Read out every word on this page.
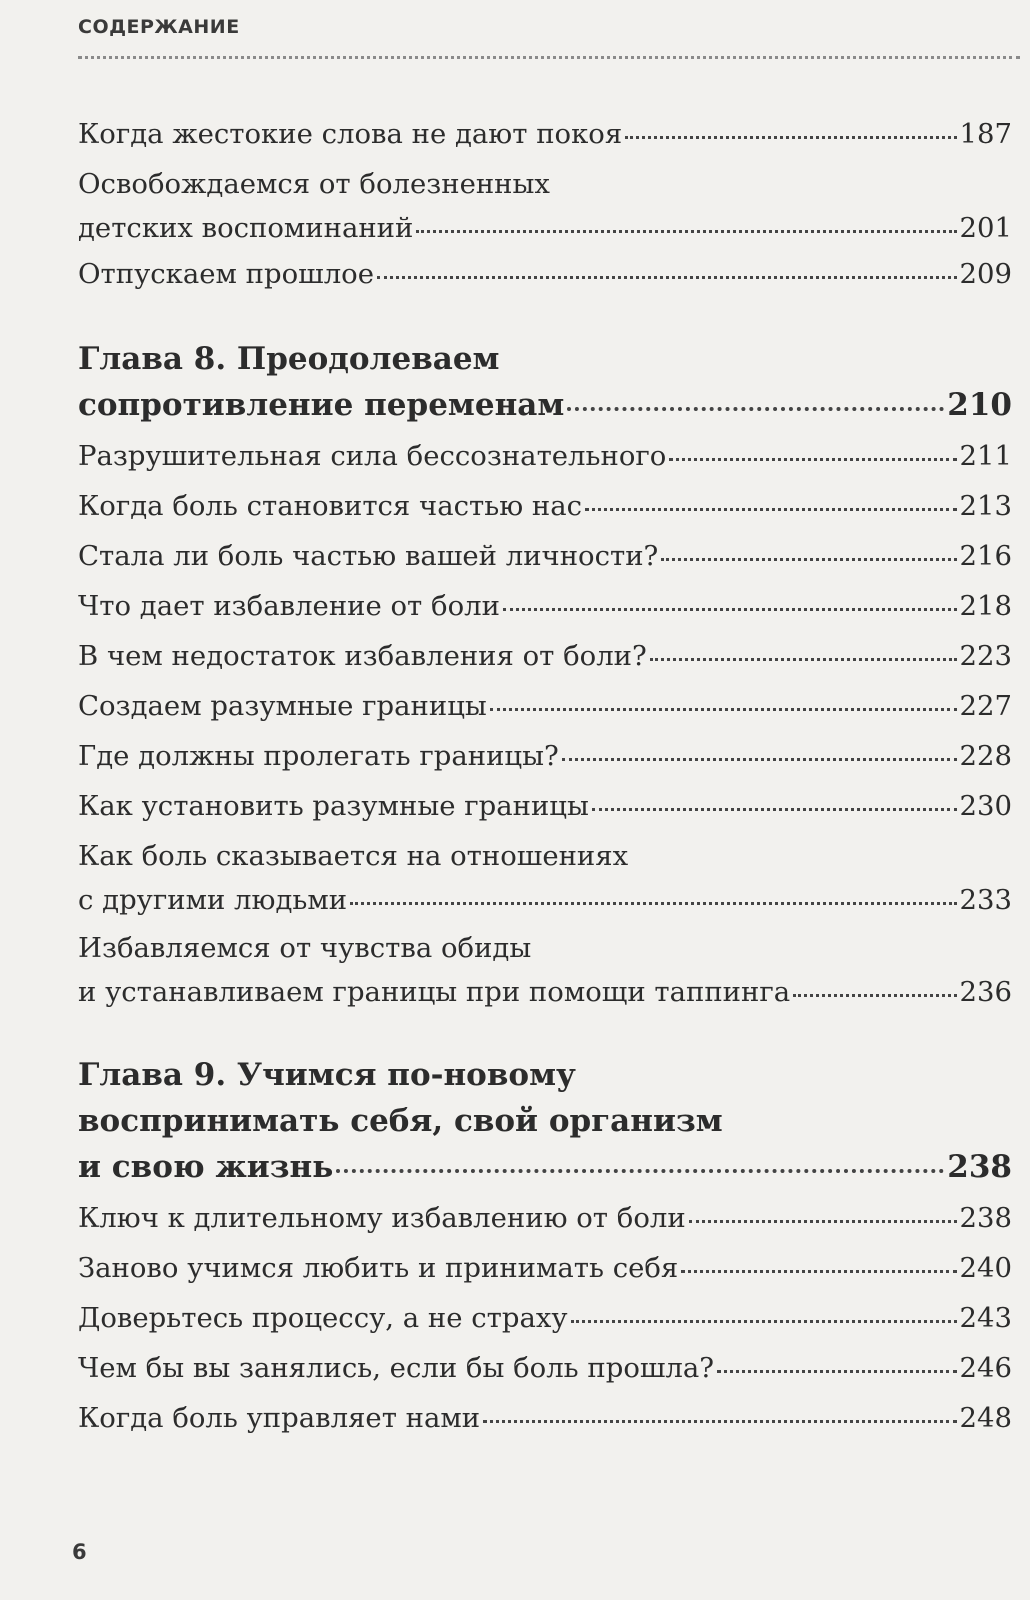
СОДЕРЖАНИЕ
Когда жестокие слова не дают покоя	187
Освобождаемся от болезненных
детских воспоминаний	201
Отпускаем прошлое	209
Глава 8. Преодолеваем
сопротивление переменам	210
Разрушительная сила бессознательного	211
Когда боль становится частью нас	213
Стала ли боль частью вашей личности?	216
Что дает избавление от боли	218
В чем недостаток избавления от боли?	223
Создаем разумные границы	227
Где должны пролегать границы?	228
Как установить разумные границы	230
Как боль сказывается на отношениях
с другими людьми	233
Избавляемся от чувства обиды
и устанавливаем границы при помощи таппинга	236
Глава 9. Учимся по-новому
воспринимать себя, свой организм
и свою жизнь	238
Ключ к длительному избавлению от боли	238
Заново учимся любить и принимать себя	240
Доверьтесь процессу, а не страху	243
Чем бы вы занялись, если бы боль прошла?	246
Когда боль управляет нами	248
6
